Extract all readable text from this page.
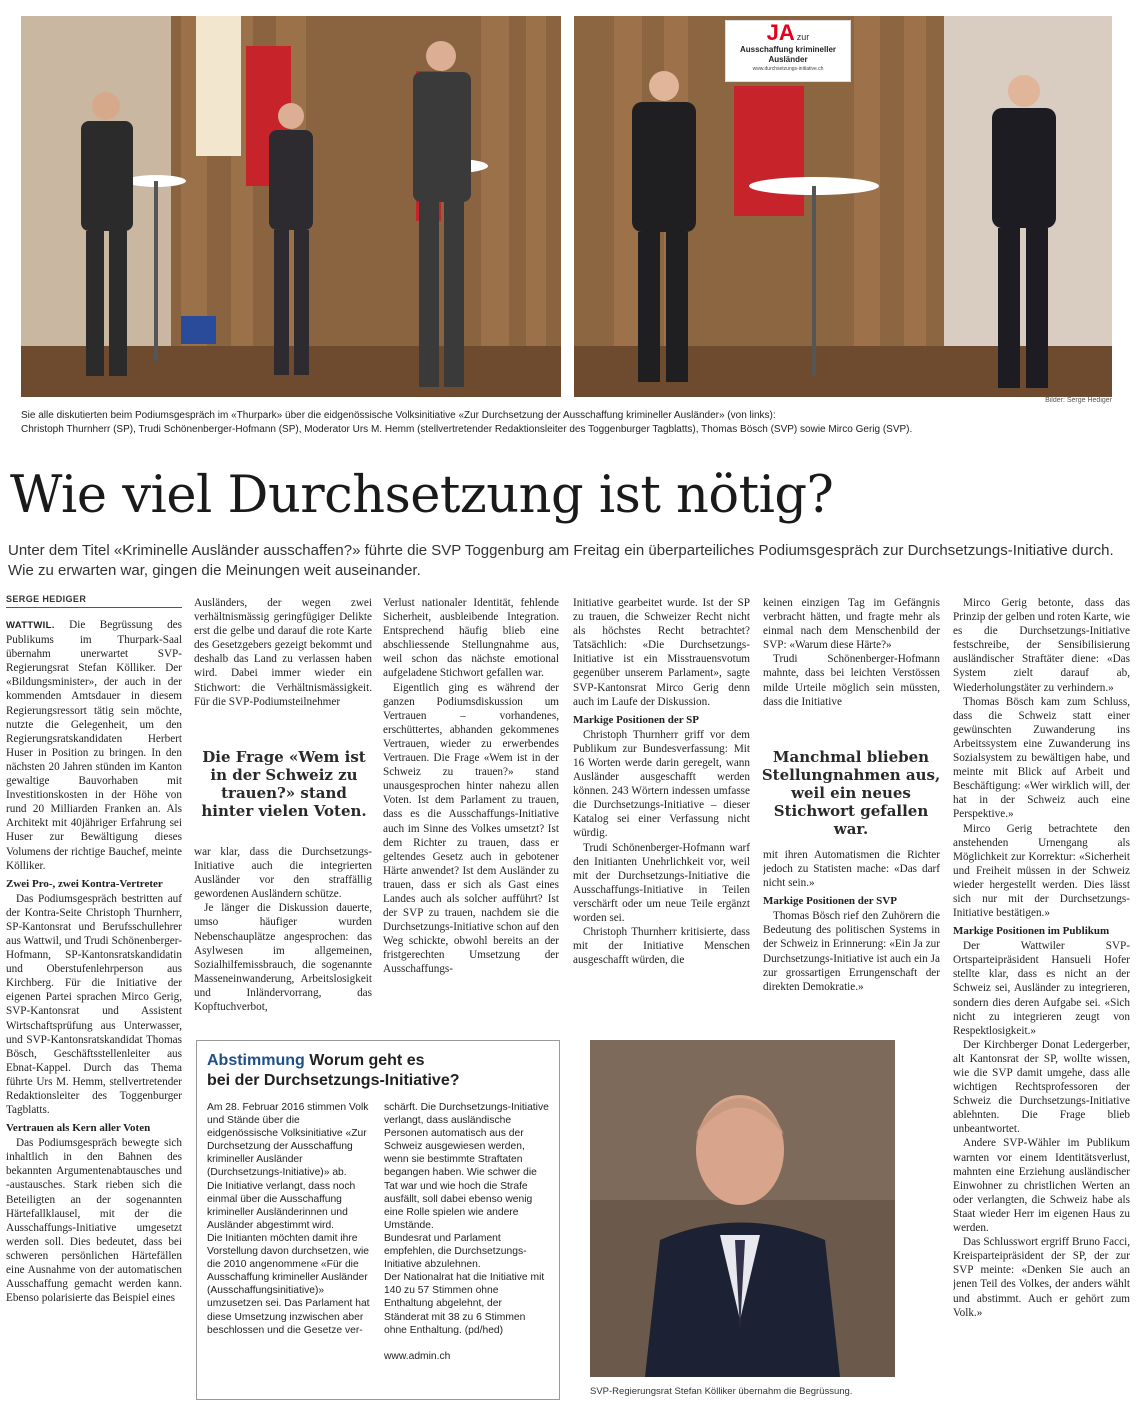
JA zur
Ausschaffung krimineller
Ausländer
www.durchsetzungs-initiative.ch
Bilder: Serge Hediger
Sie alle diskutierten beim Podiumsgespräch im «Thurpark» über die eidgenössische Volksinitiative «Zur Durchsetzung der Ausschaffung krimineller Ausländer» (von links):
Christoph Thurnherr (SP), Trudi Schönenberger-Hofmann (SP), Moderator Urs M. Hemm (stellvertretender Redaktionsleiter des Toggenburger Tagblatts), Thomas Bösch (SVP) sowie Mirco Gerig (SVP).
Wie viel Durchsetzung ist nötig?
Unter dem Titel «Kriminelle Ausländer ausschaffen?» führte die SVP Toggenburg am Freitag ein überparteiliches Podiumsgespräch zur Durchsetzungs-Initiative durch. Wie zu erwarten war, gingen die Meinungen weit auseinander.
SERGE HEDIGER

WATTWIL. Die Begrüssung des Publikums im Thurpark-Saal übernahm unerwartet SVP-Regierungsrat Stefan Kölliker. Der «Bildungsminister», der auch in der kommenden Amtsdauer in diesem Regierungsressort tätig sein möchte, nutzte die Gelegenheit, um den Regierungsratskandidaten Herbert Huser in Position zu bringen. In den nächsten 20 Jahren stünden im Kanton gewaltige Bauvorhaben mit Investitionskosten in der Höhe von rund 20 Milliarden Franken an. Als Architekt mit 40jähriger Erfahrung sei Huser zur Bewältigung dieses Volumens der richtige Bauchef, meinte Kölliker.

Zwei Pro-, zwei Kontra-Vertreter

Das Podiumsgespräch bestritten auf der Kontra-Seite Christoph Thurnherr, SP-Kantonsrat und Berufsschullehrer aus Wattwil, und Trudi Schönenberger-Hofmann, SP-Kantonsratskandidatin und Oberstufenlehrperson aus Kirchberg. Für die Initiative der eigenen Partei sprachen Mirco Gerig, SVP-Kantonsrat und Assistent Wirtschaftsprüfung aus Unterwasser, und SVP-Kantonsratskandidat Thomas Bösch, Geschäftsstellenleiter aus Ebnat-Kappel. Durch das Thema führte Urs M. Hemm, stellvertretender Redaktionsleiter des Toggenburger Tagblatts.

Vertrauen als Kern aller Voten

Das Podiumsgespräch bewegte sich inhaltlich in den Bahnen des bekannten Argumentenabtausches und -austausches. Stark rieben sich die Beteiligten an der sogenannten Härtefallklausel, mit der die Ausschaffungs-Initiative umgesetzt werden soll. Dies bedeutet, dass bei schweren persönlichen Härtefällen eine Ausnahme von der automatischen Ausschaffung gemacht werden kann. Ebenso polarisierte das Beispiel eines

Ausländers, der wegen zwei verhältnismässig geringfügiger Delikte erst die gelbe und darauf die rote Karte des Gesetzgebers gezeigt bekommt und deshalb das Land zu verlassen haben wird. Dabei immer wieder ein Stichwort: die Verhältnismässigkeit. Für die SVP-Podiumsteilnehmer

Die Frage «Wem ist in der Schweiz zu trauen?» stand hinter vielen Voten.

war klar, dass die Durchsetzungs-Initiative auch die integrierten Ausländer vor den straffällig gewordenen Ausländern schütze.

Je länger die Diskussion dauerte, umso häufiger wurden Nebenschauplätze angesprochen: das Asylwesen im allgemeinen, Sozialhilfemissbrauch, die sogenannte Masseneinwanderung, Arbeitslosigkeit und Inländervorrang, das Kopftuchverbot,

Verlust nationaler Identität, fehlende Sicherheit, ausbleibende Integration. Entsprechend häufig blieb eine abschliessende Stellungnahme aus, weil schon das nächste emotional aufgeladene Stichwort gefallen war.

Eigentlich ging es während der ganzen Podiumsdiskussion um Vertrauen – vorhandenes, erschüttertes, abhanden gekommenes Vertrauen, wieder zu erwerbendes Vertrauen. Die Frage «Wem ist in der Schweiz zu trauen?» stand unausgesprochen hinter nahezu allen Voten. Ist dem Parlament zu trauen, dass es die Ausschaffungs-Initiative auch im Sinne des Volkes umsetzt? Ist dem Richter zu trauen, dass er geltendes Gesetz auch in gebotener Härte anwendet? Ist dem Ausländer zu trauen, dass er sich als Gast eines Landes auch als solcher aufführt? Ist der SVP zu trauen, nachdem sie die Durchsetzungs-Initiative schon auf den Weg schickte, obwohl bereits an der fristgerechten Umsetzung der Ausschaffungs-

Initiative gearbeitet wurde. Ist der SP zu trauen, die Schweizer Recht nicht als höchstes Recht betrachtet? Tatsächlich: «Die Durchsetzungs-Initiative ist ein Misstrauensvotum gegenüber unserem Parlament», sagte SVP-Kantonsrat Mirco Gerig denn auch im Laufe der Diskussion.

Markige Positionen der SP

Christoph Thurnherr griff vor dem Publikum zur Bundesverfassung: Mit 16 Worten werde darin geregelt, wann Ausländer ausgeschafft werden können. 243 Wörtern indessen umfasse die Durchsetzungs-Initiative – dieser Katalog sei einer Verfassung nicht würdig.

Trudi Schönenberger-Hofmann warf den Initianten Unehrlichkeit vor, weil mit der Durchsetzungs-Initiative die Ausschaffungs-Initiative in Teilen verschärft oder um neue Teile ergänzt worden sei.

Christoph Thurnherr kritisierte, dass mit der Initiative Menschen ausgeschafft würden, die

keinen einzigen Tag im Gefängnis verbracht hätten, und fragte mehr als einmal nach dem Menschenbild der SVP: «Warum diese Härte?»

Trudi Schönenberger-Hofmann mahnte, dass bei leichten Verstössen milde Urteile möglich sein müssten, dass die Initiative

Manchmal blieben Stellungnahmen aus, weil ein neues Stichwort gefallen war.

mit ihren Automatismen die Richter jedoch zu Statisten mache: «Das darf nicht sein.»

Markige Positionen der SVP

Thomas Bösch rief den Zuhörern die Bedeutung des politischen Systems in der Schweiz in Erinnerung: «Ein Ja zur Durchsetzungs-Initiative ist auch ein Ja zur grossartigen Errungenschaft der direkten Demokratie.»

Mirco Gerig betonte, dass das Prinzip der gelben und roten Karte, wie es die Durchsetzungs-Initiative festschreibe, der Sensibilisierung ausländischer Straftäter diene: «Das System zielt darauf ab, Wiederholungstäter zu verhindern.»

Thomas Bösch kam zum Schluss, dass die Schweiz statt einer gewünschten Zuwanderung ins Arbeitssystem eine Zuwanderung ins Sozialsystem zu bewältigen habe, und meinte mit Blick auf Arbeit und Beschäftigung: «Wer wirklich will, der hat in der Schweiz auch eine Perspektive.»

Mirco Gerig betrachtete den anstehenden Urnengang als Möglichkeit zur Korrektur: «Sicherheit und Freiheit müssen in der Schweiz wieder hergestellt werden. Dies lässt sich nur mit der Durchsetzungs-Initiative bestätigen.»

Markige Positionen im Publikum

Der Wattwiler SVP-Ortsparteipräsident Hansueli Hofer stellte klar, dass es nicht an der Schweiz sei, Ausländer zu integrieren, sondern dies deren Aufgabe sei. «Sich nicht zu integrieren zeugt von Respektlosigkeit.»

Der Kirchberger Donat Ledergerber, alt Kantonsrat der SP, wollte wissen, wie die SVP damit umgehe, dass alle wichtigen Rechtsprofessoren der Schweiz die Durchsetzungs-Initiative ablehnten. Die Frage blieb unbeantwortet.

Andere SVP-Wähler im Publikum warnten vor einem Identitätsverlust, mahnten eine Erziehung ausländischer Einwohner zu christlichen Werten an oder verlangten, die Schweiz habe als Staat wieder Herr im eigenen Haus zu werden.

Das Schlusswort ergriff Bruno Facci, Kreisparteipräsident der SP, der zur SVP meinte: «Denken Sie auch an jenen Teil des Volkes, der anders wählt und abstimmt. Auch er gehört zum Volk.»

Abstimmung Worum geht es
bei der Durchsetzungs-Initiative?
Am 28. Februar 2016 stimmen Volk und Stände über die eidgenössische Volksinitiative «Zur Durchsetzung der Ausschaffung krimineller Ausländer (Durchsetzungs-Initiative)» ab.
Die Initiative verlangt, dass noch einmal über die Ausschaffung krimineller Ausländerinnen und Ausländer abgestimmt wird.
Die Initianten möchten damit ihre Vorstellung davon durchsetzen, wie die 2010 angenommene «Für die Ausschaffung krimineller Ausländer (Ausschaffungsinitiative)» umzusetzen sei. Das Parlament hat diese Umsetzung inzwischen aber beschlossen und die Gesetze ver-
schärft. Die Durchsetzungs-Initiative verlangt, dass ausländische Personen automatisch aus der Schweiz ausgewiesen werden, wenn sie bestimmte Straftaten begangen haben. Wie schwer die Tat war und wie hoch die Strafe ausfällt, soll dabei ebenso wenig eine Rolle spielen wie andere Umstände.
Bundesrat und Parlament empfehlen, die Durchsetzungs-Initiative abzulehnen.
Der Nationalrat hat die Initiative mit 140 zu 57 Stimmen ohne Enthaltung abgelehnt, der Ständerat mit 38 zu 6 Stimmen ohne Enthaltung. (pd/hed)
www.admin.ch
SVP-Regierungsrat Stefan Kölliker übernahm die Begrüssung.
